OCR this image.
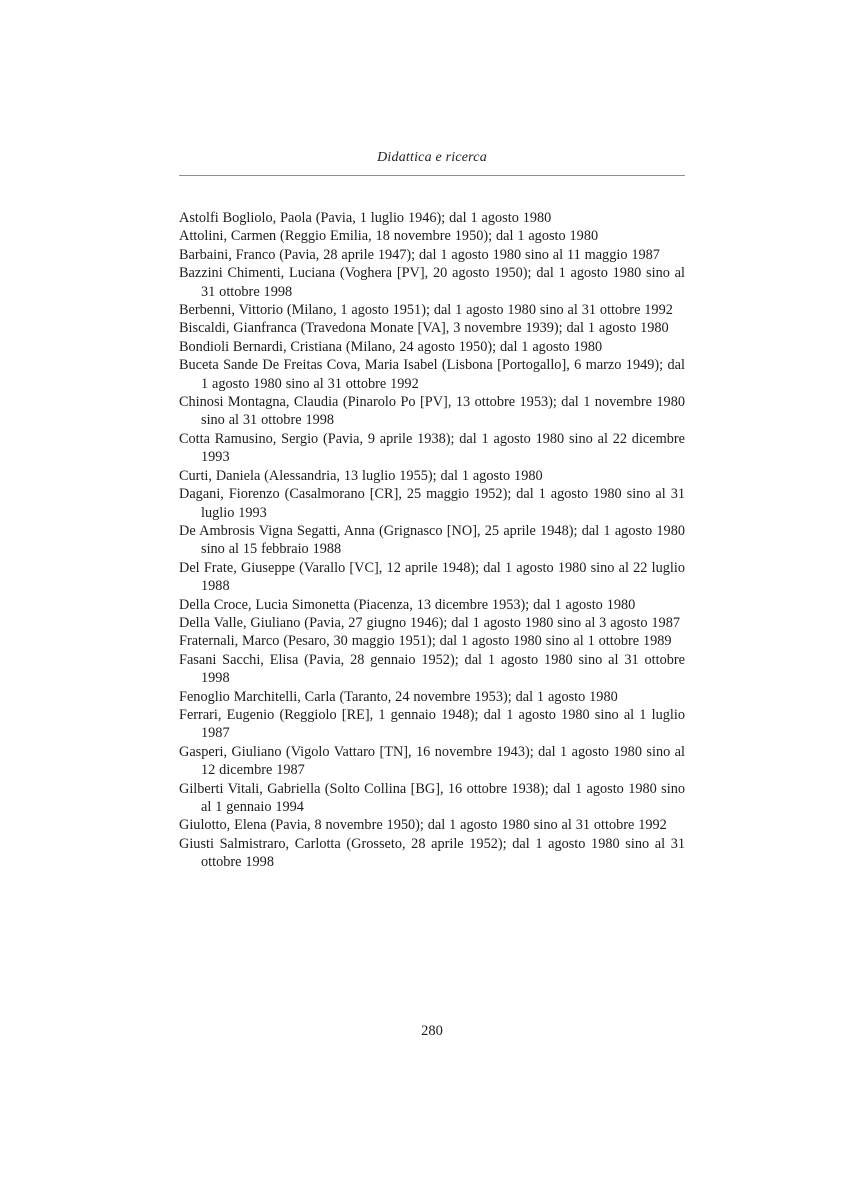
Didattica e ricerca

Astolfi Bogliolo, Paola (Pavia, 1 luglio 1946); dal 1 agosto 1980

Attolini, Carmen (Reggio Emilia, 18 novembre 1950); dal 1 agosto 1980

Barbaini, Franco (Pavia, 28 aprile 1947); dal 1 agosto 1980 sino al 11 maggio 1987

Bazzini Chimenti, Luciana (Voghera [PV], 20 agosto 1950); dal 1 agosto 1980 sino al 31 ottobre 1998

Berbenni, Vittorio (Milano, 1 agosto 1951); dal 1 agosto 1980 sino al 31 ottobre 1992

Biscaldi, Gianfranca (Travedona Monate [VA], 3 novembre 1939); dal 1 agosto 1980

Bondioli Bernardi, Cristiana (Milano, 24 agosto 1950); dal 1 agosto 1980

Buceta Sande De Freitas Cova, Maria Isabel (Lisbona [Portogallo], 6 marzo 1949); dal 1 agosto 1980 sino al 31 ottobre 1992

Chinosi Montagna, Claudia (Pinarolo Po [PV], 13 ottobre 1953); dal 1 novembre 1980 sino al 31 ottobre 1998

Cotta Ramusino, Sergio (Pavia, 9 aprile 1938); dal 1 agosto 1980 sino al 22 dicembre 1993

Curti, Daniela (Alessandria, 13 luglio 1955); dal 1 agosto 1980

Dagani, Fiorenzo (Casalmorano [CR], 25 maggio 1952); dal 1 agosto 1980 sino al 31 luglio 1993

De Ambrosis Vigna Segatti, Anna (Grignasco [NO], 25 aprile 1948); dal 1 agosto 1980 sino al 15 febbraio 1988

Del Frate, Giuseppe (Varallo [VC], 12 aprile 1948); dal 1 agosto 1980 sino al 22 luglio 1988

Della Croce, Lucia Simonetta (Piacenza, 13 dicembre 1953); dal 1 agosto 1980

Della Valle, Giuliano (Pavia, 27 giugno 1946); dal 1 agosto 1980 sino al 3 agosto 1987

Fraternali, Marco (Pesaro, 30 maggio 1951); dal 1 agosto 1980 sino al 1 ottobre 1989

Fasani Sacchi, Elisa (Pavia, 28 gennaio 1952); dal 1 agosto 1980 sino al 31 ottobre 1998

Fenoglio Marchitelli, Carla (Taranto, 24 novembre 1953); dal 1 agosto 1980

Ferrari, Eugenio (Reggiolo [RE], 1 gennaio 1948); dal 1 agosto 1980 sino al 1 luglio 1987

Gasperi, Giuliano (Vigolo Vattaro [TN], 16 novembre 1943); dal 1 agosto 1980 sino al 12 dicembre 1987

Gilberti Vitali, Gabriella (Solto Collina [BG], 16 ottobre 1938); dal 1 agosto 1980 sino al 1 gennaio 1994

Giulotto, Elena (Pavia, 8 novembre 1950); dal 1 agosto 1980 sino al 31 ottobre 1992

Giusti Salmistraro, Carlotta (Grosseto, 28 aprile 1952); dal 1 agosto 1980 sino al 31 ottobre 1998

280
